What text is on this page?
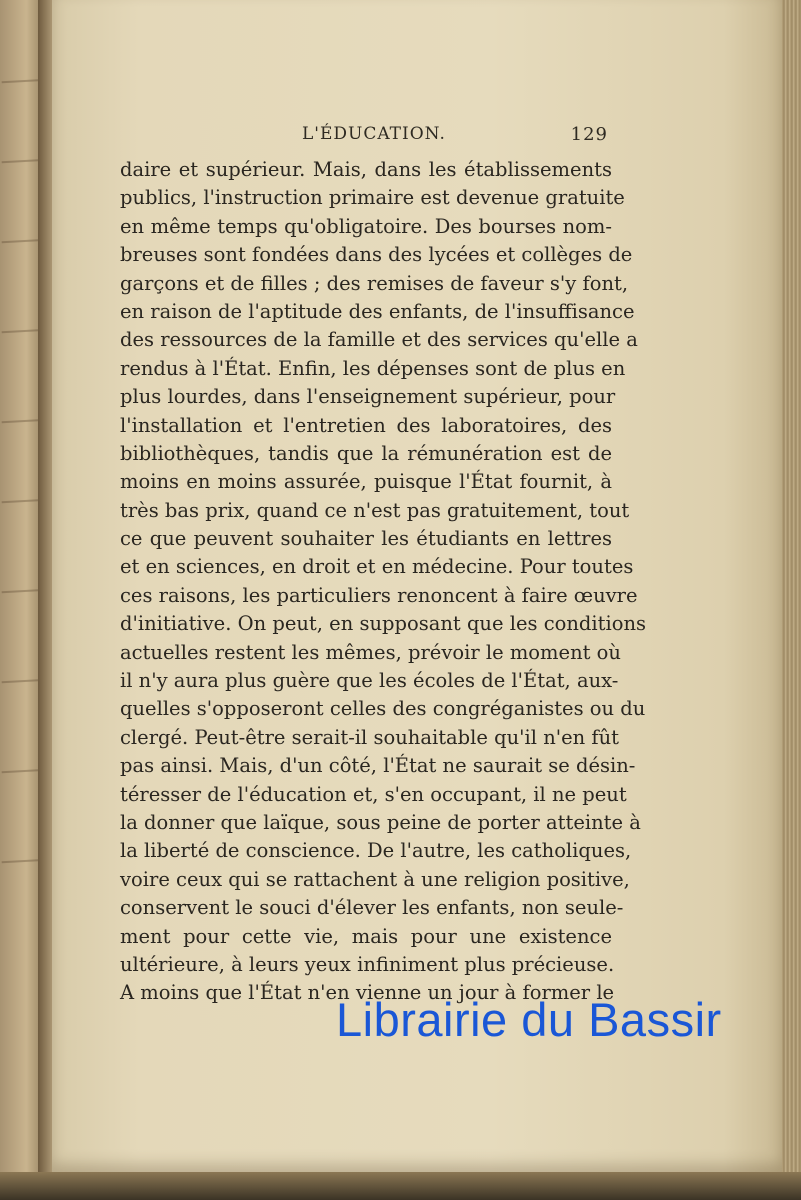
L'ÉDUCATION.	129
daire et supérieur. Mais, dans les établissements
publics, l'instruction primaire est devenue gratuite
en même temps qu'obligatoire. Des bourses nom-
breuses sont fondées dans des lycées et collèges de
garçons et de filles ; des remises de faveur s'y font,
en raison de l'aptitude des enfants, de l'insuffisance
des ressources de la famille et des services qu'elle a
rendus à l'État. Enfin, les dépenses sont de plus en
plus lourdes, dans l'enseignement supérieur, pour
l'installation et l'entretien des laboratoires, des
bibliothèques, tandis que la rémunération est de
moins en moins assurée, puisque l'État fournit, à
très bas prix, quand ce n'est pas gratuitement, tout
ce que peuvent souhaiter les étudiants en lettres
et en sciences, en droit et en médecine. Pour toutes
ces raisons, les particuliers renoncent à faire œuvre
d'initiative. On peut, en supposant que les conditions
actuelles restent les mêmes, prévoir le moment où
il n'y aura plus guère que les écoles de l'État, aux-
quelles s'opposeront celles des congréganistes ou du
clergé. Peut-être serait-il souhaitable qu'il n'en fût
pas ainsi. Mais, d'un côté, l'État ne saurait se désin-
téresser de l'éducation et, s'en occupant, il ne peut
la donner que laïque, sous peine de porter atteinte à
la liberté de conscience. De l'autre, les catholiques,
voire ceux qui se rattachent à une religion positive,
conservent le souci d'élever les enfants, non seule-
ment pour cette vie, mais pour une existence
ultérieure, à leurs yeux infiniment plus précieuse.
A moins que l'État n'en vienne un jour à former le
Librairie du Bassir
